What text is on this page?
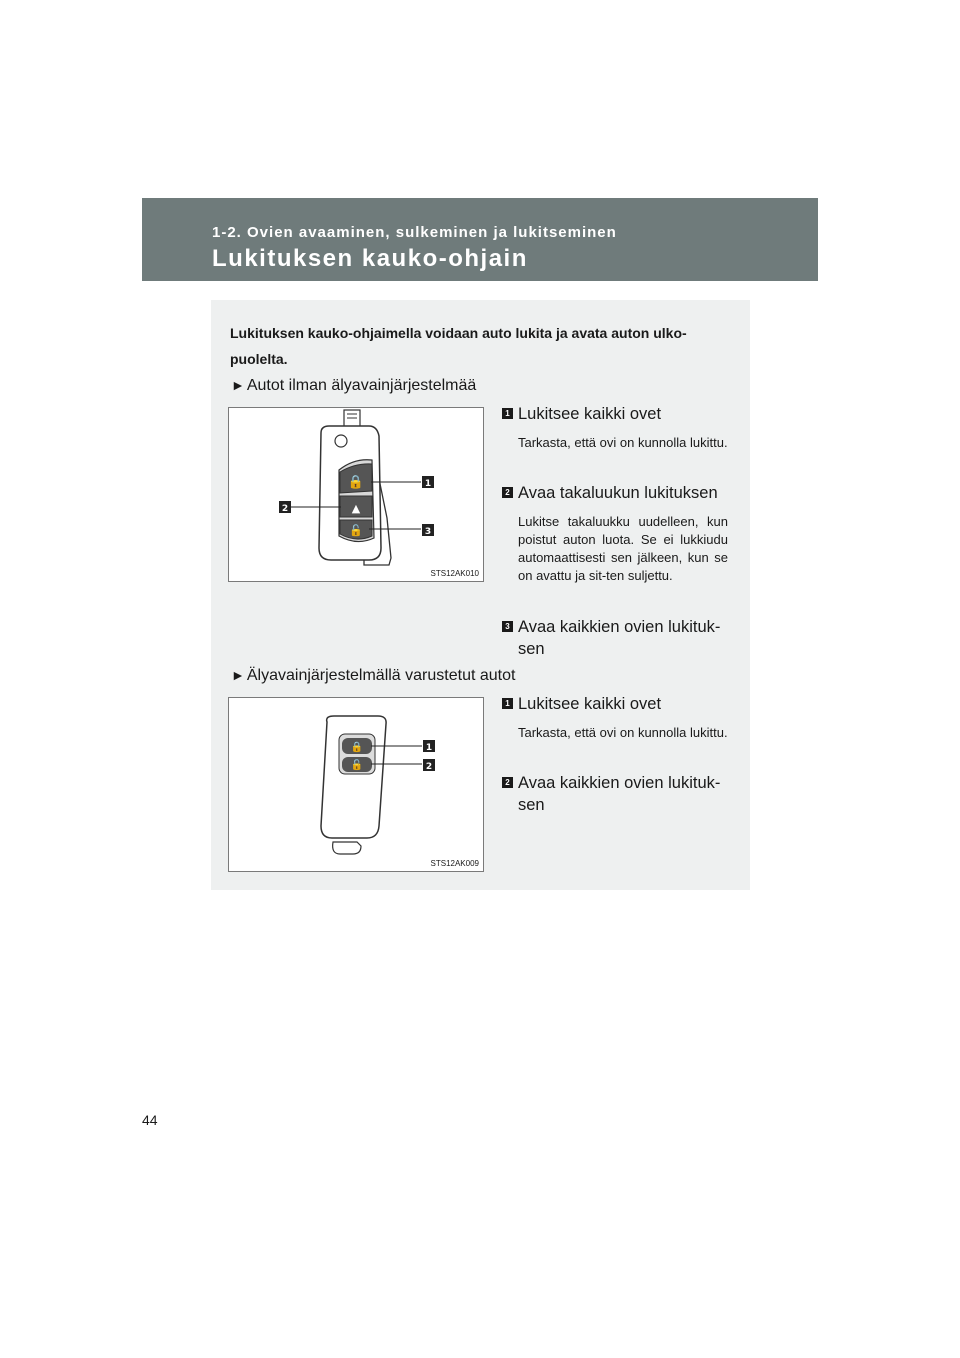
1-2. Ovien avaaminen, sulkeminen ja lukitseminen
Lukituksen kauko-ohjain
Lukituksen kauko-ohjaimella voidaan auto lukita ja avata auton ulko-puolelta.
► Autot ilman älyavainjärjestelmää
🔒
▲
🔓
1
2
3
STS12AK010
1 Lukitsee kaikki ovet
Tarkasta, että ovi on kunnolla lukittu.
2 Avaa takaluukun lukituksen
Lukitse takaluukku uudelleen, kun poistut auton luota. Se ei lukkiudu automaattisesti sen jälkeen, kun se on avattu ja sit-ten suljettu.
3 Avaa kaikkien ovien lukituk-sen
► Älyavainjärjestelmällä varustetut autot
🔒
🔓
1
2
STS12AK009
1 Lukitsee kaikki ovet
Tarkasta, että ovi on kunnolla lukittu.
2 Avaa kaikkien ovien lukituk-sen
44
